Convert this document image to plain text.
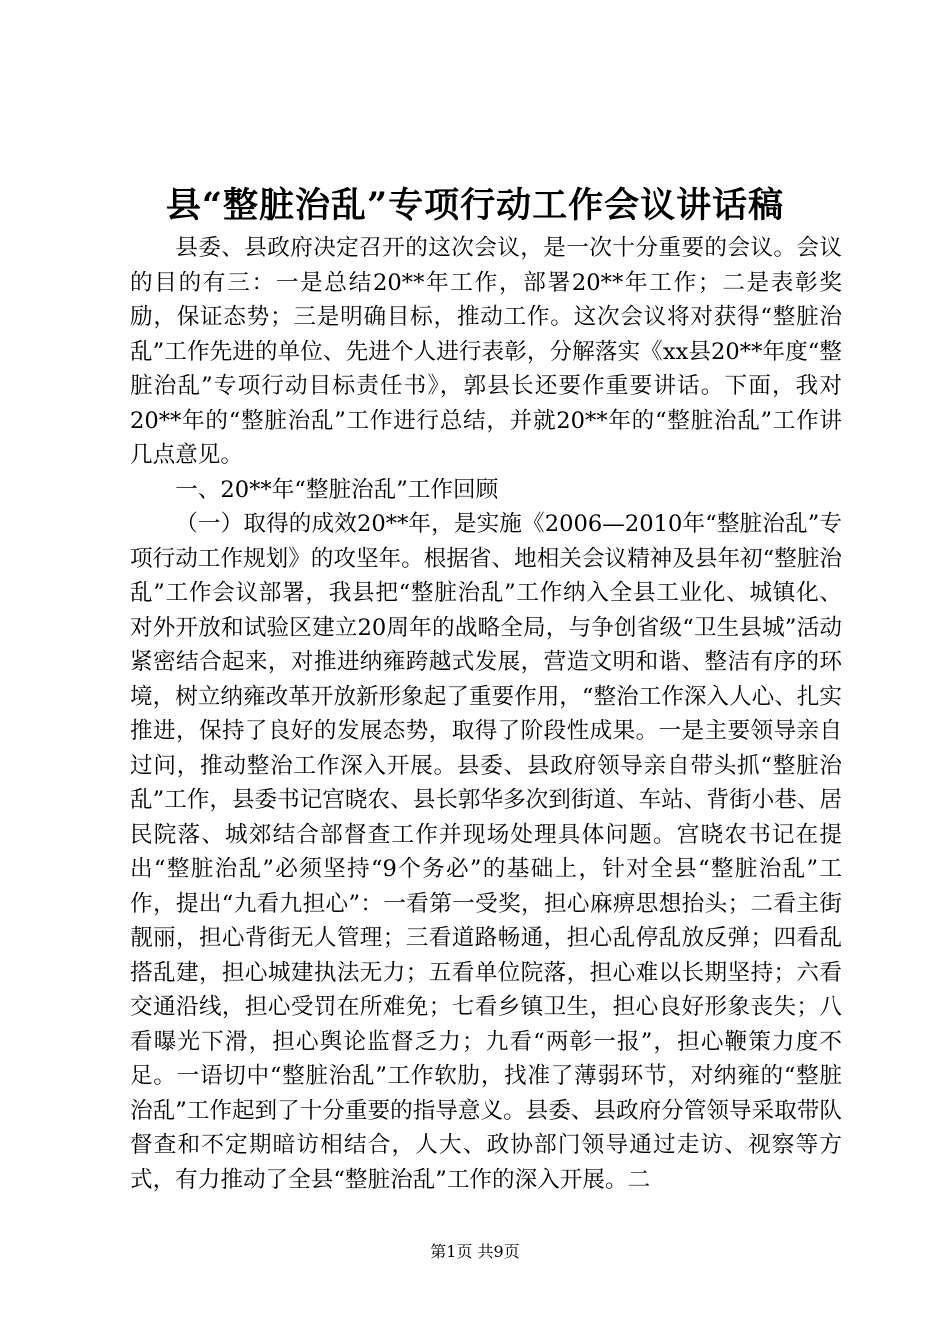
县“整脏治乱”专项行动工作会议讲话稿

县委、县政府决定召开的这次会议，是一次十分重要的会议。会议的目的有三：一是总结20**年工作，部署20**年工作；二是表彰奖励，保证态势；三是明确目标，推动工作。这次会议将对获得“整脏治乱”工作先进的单位、先进个人进行表彰，分解落实《xx县20**年度“整脏治乱”专项行动目标责任书》，郭县长还要作重要讲话。下面，我对20**年的“整脏治乱”工作进行总结，并就20**年的“整脏治乱”工作讲几点意见。

一、20**年“整脏治乱”工作回顾

（一）取得的成效20**年，是实施《2006—2010年“整脏治乱”专项行动工作规划》的攻坚年。根据省、地相关会议精神及县年初“整脏治乱”工作会议部署，我县把“整脏治乱”工作纳入全县工业化、城镇化、对外开放和试验区建立20周年的战略全局，与争创省级“卫生县城”活动紧密结合起来，对推进纳雍跨越式发展，营造文明和谐、整洁有序的环境，树立纳雍改革开放新形象起了重要作用，“整治工作深入人心、扎实推进，保持了良好的发展态势，取得了阶段性成果。一是主要领导亲自过问，推动整治工作深入开展。县委、县政府领导亲自带头抓“整脏治乱”工作，县委书记宫晓农、县长郭华多次到街道、车站、背街小巷、居民院落、城郊结合部督查工作并现场处理具体问题。宫晓农书记在提出“整脏治乱”必须坚持“9个务必”的基础上，针对全县“整脏治乱”工作，提出“九看九担心”：一看第一受奖，担心麻痹思想抬头；二看主街靓丽，担心背街无人管理；三看道路畅通，担心乱停乱放反弹；四看乱搭乱建，担心城建执法无力；五看单位院落，担心难以长期坚持；六看交通沿线，担心受罚在所难免；七看乡镇卫生，担心良好形象丧失；八看曝光下滑，担心舆论监督乏力；九看“两彰一报”，担心鞭策力度不足。一语切中“整脏治乱”工作软肋，找准了薄弱环节，对纳雍的“整脏治乱”工作起到了十分重要的指导意义。县委、县政府分管领导采取带队督查和不定期暗访相结合，人大、政协部门领导通过走访、视察等方式，有力推动了全县“整脏治乱”工作的深入开展。二

第1页 共9页
